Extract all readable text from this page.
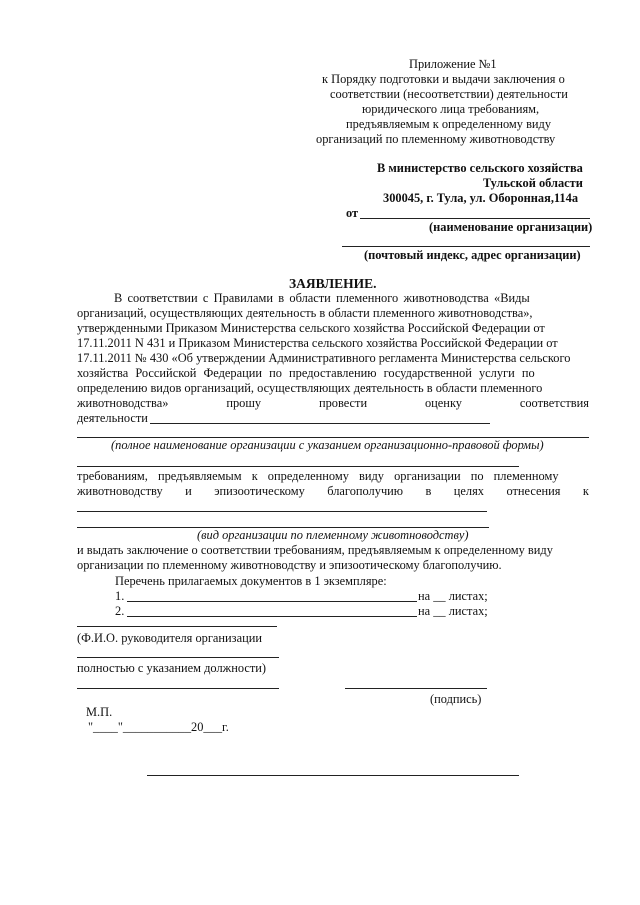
Приложение №1
к Порядку подготовки и выдачи заключения о
соответствии (несоответствии) деятельности
юридического лица требованиям,
предъявляемым к определенному виду
организаций по племенному животноводству
В министерство сельского хозяйства
Тульской области
300045, г. Тула, ул. Оборонная,114а
от
(наименование организации)
(почтовый индекс, адрес организации)
ЗАЯВЛЕНИЕ.
В соответствии с Правилами в области племенного животноводства «Виды
организаций, осуществляющих деятельность в области племенного животноводства»,
утвержденными Приказом Министерства сельского хозяйства Российской Федерации от
17.11.2011 N 431 и Приказом Министерства сельского хозяйства Российской Федерации от
17.11.2011 № 430 «Об утверждении Административного регламента Министерства сельского
хозяйства Российской Федерации по предоставлению государственной услуги по
определению видов организаций, осуществляющих деятельность в области племенного
животноводства»	прошу	провести	оценку	соответствия
деятельности
(полное наименование организации с указанием организационно-правовой формы)
требованиям, предъявляемым к определенному виду организации по племенному
животноводству и эпизоотическому благополучию в целях отнесения к
(вид организации по племенному животноводству)
и выдать заключение о соответствии требованиям, предъявляемым к определенному виду
организации по племенному животноводству и эпизоотическому благополучию.
Перечень прилагаемых документов в 1 экземпляре:
1.	на __ листах;
2.	на __ листах;
(Ф.И.О. руководителя организации
полностью с указанием должности)
(подпись)
М.П.
"____"___________20___г.
